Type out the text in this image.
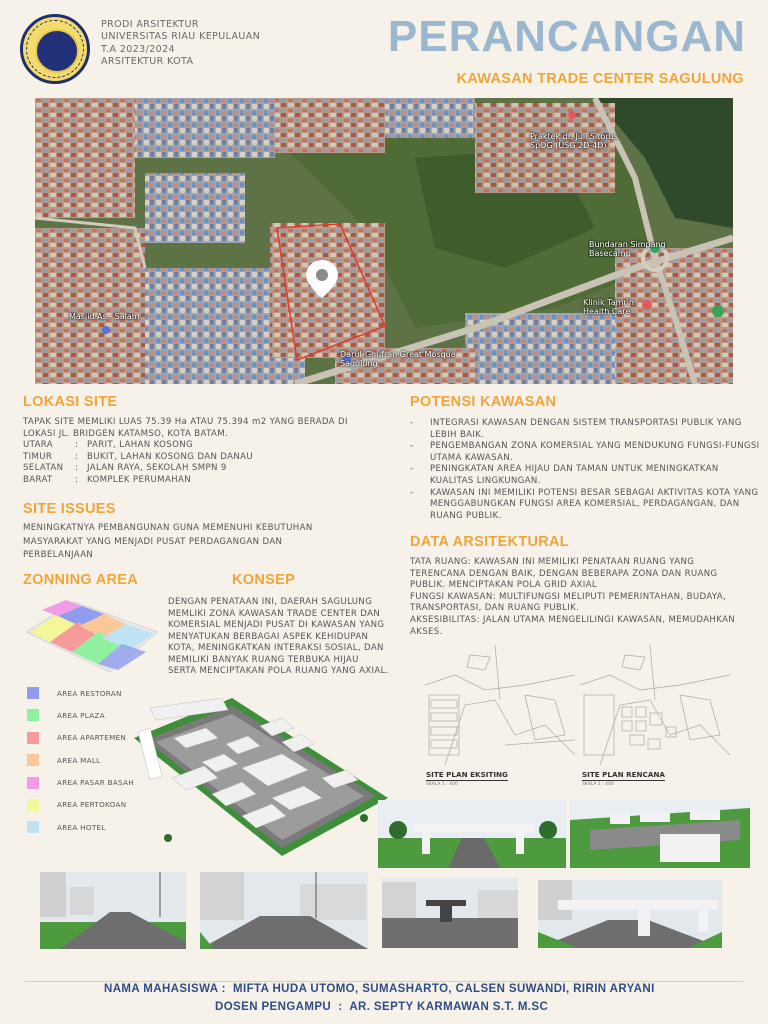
PRODI ARSITEKTUR
UNIVERSITAS RIAU KEPULAUAN
T.A 2023/2024
ARSITEKTUR KOTA
PERANCANGAN
KAWASAN TRADE CENTER SAGULUNG
Praktek dr. Juli Sitorus SpOG (USG 2D-4D)
Bundaran Simpang Basecamp
Klinik Tamrin Health Care
Masjid As - Salam
Darul-Ghufran Great Mosque Sagulung
LOKASI SITE
TAPAK SITE MEMLIKI LUAS 75.39 Ha ATAU 75.394 m2 YANG BERADA DI LOKASI JL. BRIDGEN KATAMSO, KOTA BATAM.
UTARA	:	PARIT, LAHAN KOSONG
TIMUR	:	BUKIT, LAHAN KOSONG DAN DANAU
SELATAN	:	JALAN RAYA, SEKOLAH SMPN 9
BARAT	:	KOMPLEK PERUMAHAN
SITE ISSUES
MENINGKATNYA PEMBANGUNAN GUNA MEMENUHI KEBUTUHAN MASYARAKAT YANG MENJADI PUSAT PERDAGANGAN DAN PERBELANJAAN
POTENSI KAWASAN
-	INTEGRASI KAWASAN DENGAN SISTEM TRANSPORTASI PUBLIK YANG LEBIH BAIK.
-	PENGEMBANGAN ZONA KOMERSIAL YANG MENDUKUNG FUNGSI-FUNGSI UTAMA KAWASAN.
-	PENINGKATAN AREA HIJAU DAN TAMAN UNTUK MENINGKATKAN KUALITAS LINGKUNGAN.
-	KAWASAN INI MEMILIKI POTENSI BESAR SEBAGAI AKTIVITAS KOTA YANG MENGGABUNGKAN FUNGSI AREA KOMERSIAL, PERDAGANGAN, DAN RUANG PUBLIK.
DATA ARSITEKTURAL
TATA RUANG: KAWASAN INI MEMILIKI PENATAAN RUANG YANG TERENCANA DENGAN BAIK, DENGAN BEBERAPA ZONA DAN RUANG PUBLIK. MENCIPTAKAN POLA GRID AXIAL
FUNGSI KAWASAN: MULTIFUNGSI MELIPUTI PEMERINTAHAN, BUDAYA, TRANSPORTASI, DAN RUANG PUBLIK.
AKSESIBILITAS: JALAN UTAMA MENGELILINGI KAWASAN, MEMUDAHKAN AKSES.
ZONNING AREA
AREA RESTORAN
AREA PLAZA
AREA APARTEMEN
AREA MALL
AREA PASAR BASAH
AREA PERTOKOAN
AREA HOTEL
KONSEP
DENGAN PENATAAN INI, DAERAH SAGULUNG MEMLIKI ZONA KAWASAN TRADE CENTER DAN KOMERSIAL MENJADI PUSAT DI KAWASAN YANG MENYATUKAN BERBAGAI ASPEK KEHIDUPAN KOTA, MENINGKATKAN INTERAKSI SOSIAL, DAN MEMILIKI BANYAK RUANG TERBUKA HIJAU SERTA MENCIPTAKAN POLA RUANG YANG AXIAL.
SITE PLAN EKSITING
SKALA 1 : 400
SITE PLAN RENCANA
SKALA 1 : 400
NAMA MAHASISWA :  MIFTA HUDA UTOMO, SUMASHARTO, CALSEN SUWANDI, RIRIN ARYANI
DOSEN PENGAMPU  :  AR. SEPTY KARMAWAN S.T. M.SC
